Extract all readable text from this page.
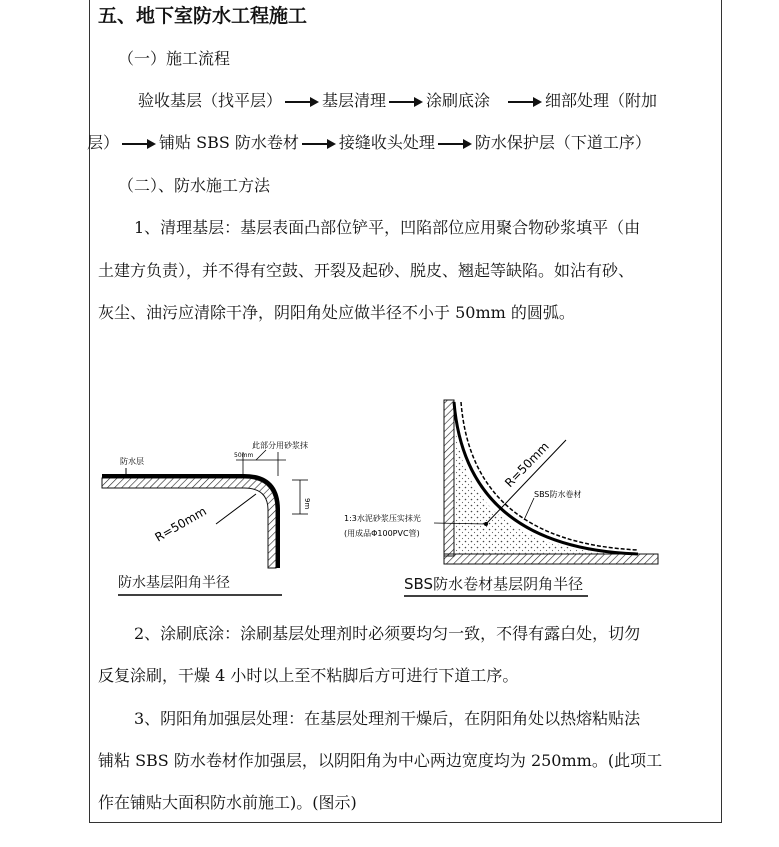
五、地下室防水工程施工
（一）施工流程
验收基层（找平层）	基层清理	涂刷底涂	细部处理（附加
层）	铺贴 SBS 防水卷材	接缝收头处理	防水保护层（下道工序）
（二）、防水施工方法
1、清理基层：基层表面凸部位铲平，凹陷部位应用聚合物砂浆填平（由
土建方负责），并不得有空鼓、开裂及起砂、脱皮、翘起等缺陷。如沾有砂、
灰尘、油污应清除干净，阴阳角处应做半径不小于 50mm 的圆弧。
防水层
50mm
此部分用砂浆抹
9m
R=50mm
防水基层阳角半径
R=50mm
SBS防水卷材
1:3水泥砂浆压实抹光
(用成品Φ100PVC管)
SBS防水卷材基层阴角半径
2、涂刷底涂：涂刷基层处理剂时必须要均匀一致，不得有露白处，切勿
反复涂刷，干燥 4 小时以上至不粘脚后方可进行下道工序。
3、阴阳角加强层处理：在基层处理剂干燥后，在阴阳角处以热熔粘贴法
铺粘 SBS 防水卷材作加强层，以阴阳角为中心两边宽度均为 250mm。(此项工
作在铺贴大面积防水前施工)。(图示)
